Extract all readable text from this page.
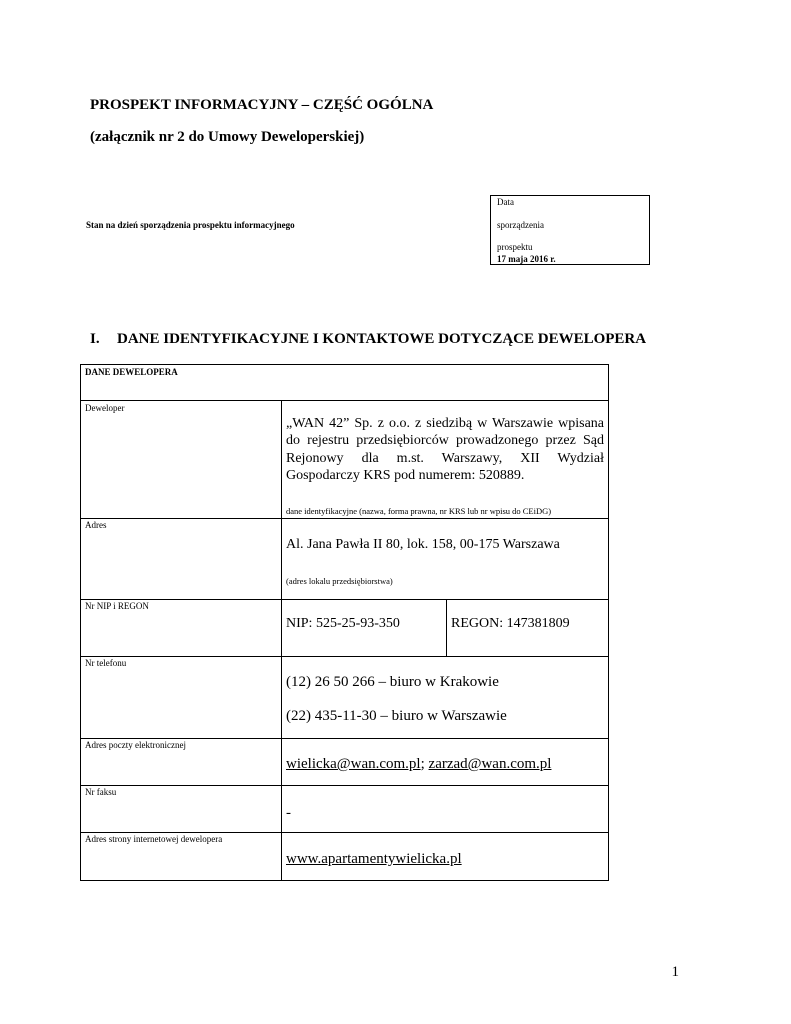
PROSPEKT INFORMACYJNY – CZĘŚĆ OGÓLNA
(załącznik nr 2 do Umowy Deweloperskiej)
Stan na dzień sporządzenia prospektu informacyjnego
Data
sporządzenia
prospektu
17 maja 2016 r.
I. DANE IDENTYFIKACYJNE I KONTAKTOWE DOTYCZĄCE DEWELOPERA
DANE DEWELOPERA
Deweloper
„WAN 42” Sp. z o.o. z siedzibą w Warszawie wpisana do rejestru przedsiębiorców prowadzonego przez Sąd Rejonowy dla m.st. Warszawy, XII Wydział Gospodarczy KRS pod numerem: 520889.
dane identyfikacyjne (nazwa, forma prawna, nr KRS lub nr wpisu do CEiDG)
Adres
Al. Jana Pawła II 80, lok. 158, 00-175 Warszawa
(adres lokalu przedsiębiorstwa)
Nr NIP i REGON
NIP: 525-25-93-350	REGON: 147381809
Nr telefonu
(12) 26 50 266 – biuro w Krakowie
(22) 435-11-30 – biuro w Warszawie
Adres poczty elektronicznej
wielicka@wan.com.pl; zarzad@wan.com.pl
Nr faksu
-
Adres strony internetowej dewelopera
www.apartamentywielicka.pl
1
